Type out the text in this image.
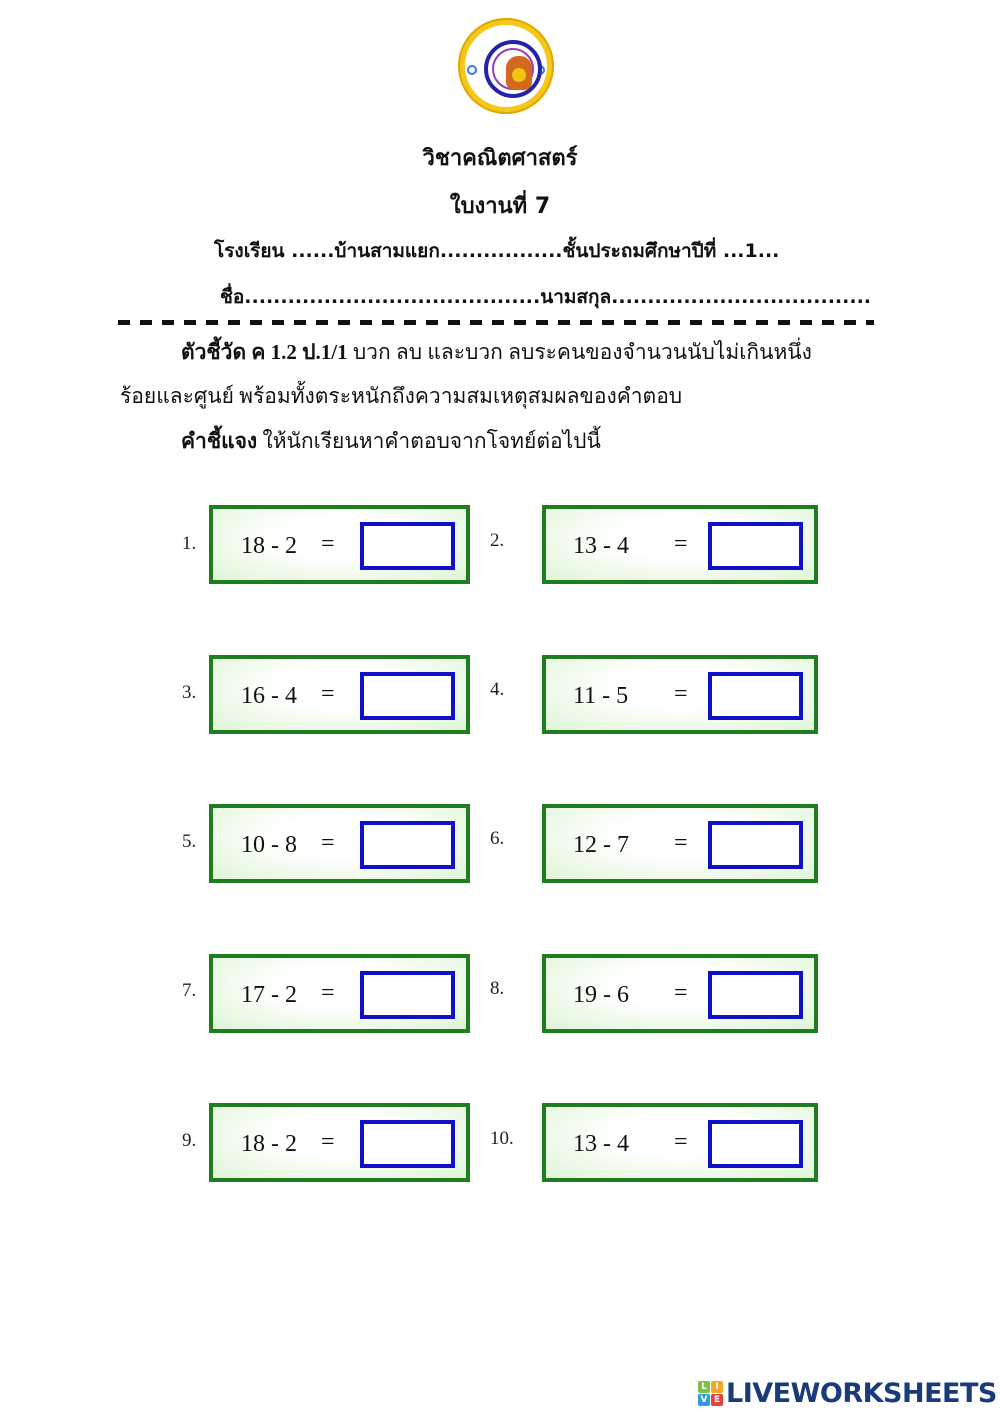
วิชาคณิตศาสตร์
ใบงานที่ 7
โรงเรียน ......บ้านสามแยก.................ชั้นประถมศึกษาปีที่ ...1...
ชื่อ.........................................นามสกุล....................................
ตัวชี้วัด ค 1.2 ป.1/1 บวก ลบ และบวก ลบระคนของจำนวนนับไม่เกินหนึ่ง
ร้อยและศูนย์ พร้อมทั้งตระหนักถึงความสมเหตุสมผลของคำตอบ
คำชี้แจง ให้นักเรียนหาคำตอบจากโจทย์ต่อไปนี้
1. 18 - 2 =
3. 16 - 4 =
5. 10 - 8 =
7. 17 - 2 =
9. 18 - 2 =
2.	13 - 4 =
4.	11 - 5 =
6.	12 - 7 =
8.	19 - 6 =
10. 13 - 4 =
L I
V E LIVEWORKSHEETS
